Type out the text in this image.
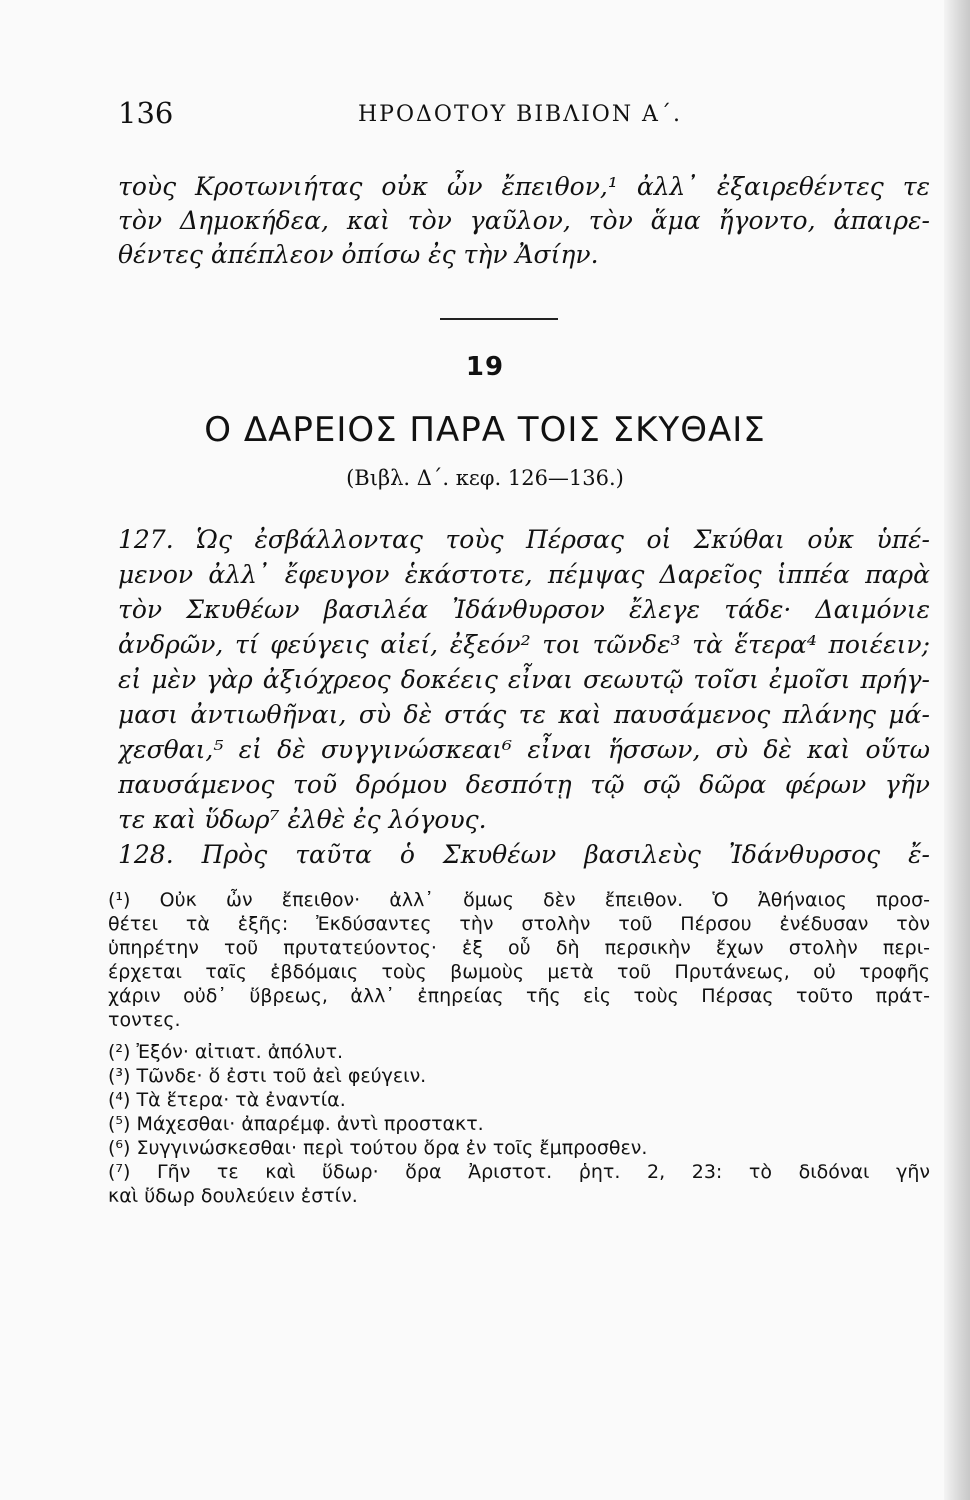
136	ΗΡΟΔΟΤΟΥ ΒΙΒΛΙΟΝ Α΄.
τοὺς Κροτωνιήτας οὐκ ὦν ἔπειθον,¹ ἀλλ᾽ ἐξαιρεθέντες τε
τὸν Δημοκήδεα, καὶ τὸν γαῦλον, τὸν ἅμα ἤγοντο, ἀπαιρε-
θέντες ἀπέπλεον ὀπίσω ἐς τὴν Ἀσίην.
19
Ο ΔΑΡΕΙΟΣ ΠΑΡΑ ΤΟΙΣ ΣΚΥΘΑΙΣ
(Βιβλ. Δ΄. κεφ. 126—136.)
127. Ὡς ἐσβάλλοντας τοὺς Πέρσας οἱ Σκύθαι οὐκ ὑπέ-
μενον ἀλλ᾽ ἔφευγον ἑκάστοτε, πέμψας Δαρεῖος ἱππέα παρὰ
τὸν Σκυθέων βασιλέα Ἰδάνθυρσον ἔλεγε τάδε· Δαιμόνιε
ἀνδρῶν, τί φεύγεις αἰεί, ἐξεόν² τοι τῶνδε³ τὰ ἕτερα⁴ ποιέειν;
εἰ μὲν γὰρ ἀξιόχρεος δοκέεις εἶναι σεωυτῷ τοῖσι ἐμοῖσι πρήγ-
μασι ἀντιωθῆναι, σὺ δὲ στάς τε καὶ παυσάμενος πλάνης μά-
χεσθαι,⁵ εἰ δὲ συγγινώσκεαι⁶ εἶναι ἥσσων, σὺ δὲ καὶ οὕτω
παυσάμενος τοῦ δρόμου δεσπότῃ τῷ σῷ δῶρα φέρων γῆν
τε καὶ ὕδωρ⁷ ἐλθὲ ἐς λόγους.
128. Πρὸς ταῦτα ὁ Σκυθέων βασιλεὺς Ἰδάνθυρσος ἔ-
(¹) Οὐκ ὦν ἔπειθον· ἀλλ᾽ ὅμως δὲν ἔπειθον. Ὁ Ἀθήναιος προσ-
θέτει τὰ ἑξῆς: Ἐκδύσαντες τὴν στολὴν τοῦ Πέρσου ἐνέδυσαν τὸν
ὑπηρέτην τοῦ πρυτατεύοντος· ἐξ οὗ δὴ περσικὴν ἔχων στολὴν περι-
έρχεται ταῖς ἑβδόμαις τοὺς βωμοὺς μετὰ τοῦ Πρυτάνεως, οὐ τροφῆς
χάριν οὐδ᾽ ὕβρεως, ἀλλ᾽ ἐπηρείας τῆς εἰς τοὺς Πέρσας τοῦτο πράτ-
τοντες.
(²) Ἐξόν· αἰτιατ. ἀπόλυτ.
(³) Τῶνδε· ὅ ἐστι τοῦ ἀεὶ φεύγειν.
(⁴) Τὰ ἕτερα· τὰ ἐναντία.
(⁵) Μάχεσθαι· ἀπαρέμφ. ἀντὶ προστακτ.
(⁶) Συγγινώσκεσθαι· περὶ τούτου ὅρα ἐν τοῖς ἔμπροσθεν.
(⁷) Γῆν τε καὶ ὕδωρ· ὅρα Ἀριστοτ. ῥητ. 2, 23: τὸ διδόναι γῆν
καὶ ὕδωρ δουλεύειν ἐστίν.
